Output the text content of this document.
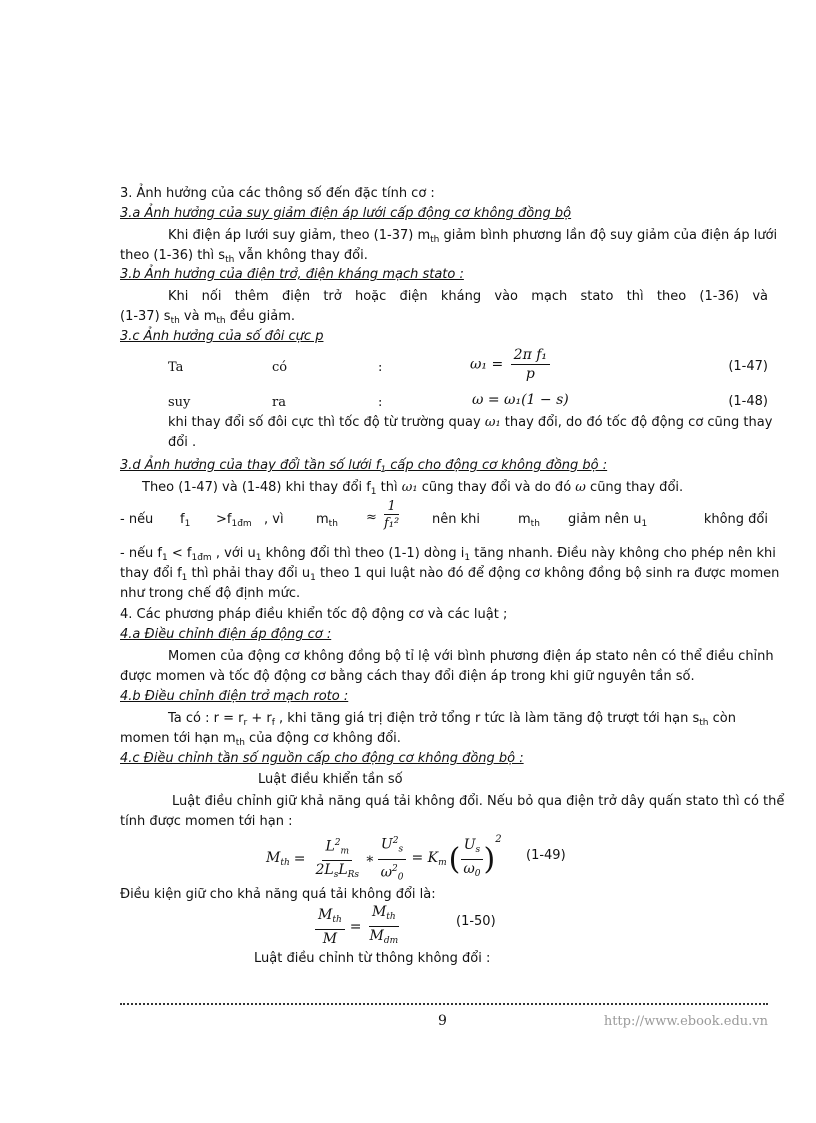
3. Ảnh hưởng của các thông số đến đặc tính cơ :
3.a Ảnh hưởng của suy giảm điện áp lưới cấp động cơ không đồng bộ
Khi điện áp lưới suy giảm, theo (1-37) $m_{th}$ giảm bình phương lần độ suy giảm của điện áp lưới
theo (1-36) thì $s_{th}$ vẫn không thay đổi.
3.b Ảnh hưởng của điện trở, điện kháng mạch stato :
Khi nối thêm điện trở hoặc điện kháng vào mạch stato thì theo (1-36) và
(1-37) $s_{th}$ và $m_{th}$ đều giảm.
3.c Ảnh hưởng của số đôi cực p
Ta	có	:	$\omega_1 = \frac{\text{2π f₁}}{p}$	(1-47)
suy	ra	:	ω = ω₁(1 − s)	(1-48)
khi thay đổi số đôi cực thì tốc độ từ trường quay ω₁ thay đổi, do đó tốc độ động cơ cũng thay
đổi .
3.d Ảnh hưởng của thay đổi tần số lưới $f_1$ cấp cho động cơ không đồng bộ :
Theo (1-47) và (1-48) khi thay đổi $f_1$ thì ω₁ cũng thay đổi và do đó ω cũng thay đổi.
- nếu $f_1 >f_{1đm}$ , vì $m_{th} \approx \frac{1}{\text{f₁²}}$ nên khi	$m_{th}$ giảm nên $u_1$	không đổi
- nếu $f_1 < f_{1đm}$ , với $u_1$ không đổi thì theo (1-1) dòng $i_1$ tăng nhanh. Điều này không cho phép nên khi
thay đổi $f_1$ thì phải thay đổi $u_1$ theo 1 qui luật nào đó để động cơ không đồng bộ sinh ra được momen
như trong chế độ định mức.
4. Các phương pháp điều khiển tốc độ động cơ và các luật ;
4.a Điều chỉnh điện áp động cơ :
Momen của động cơ không đồng bộ tỉ lệ với bình phương điện áp stato nên có thể điều chỉnh
được momen và tốc độ động cơ bằng cách thay đổi điện áp trong khi giữ nguyên tần số.
4.b Điều chỉnh điện trở mạch roto :
Ta có : $r = r_r + r_f$ , khi tăng giá trị điện trở tổng r tức là làm tăng độ trượt tới hạn $s_{th}$ còn
momen tới hạn $m_{th}$ của động cơ không đổi.
4.c Điều chỉnh tần số nguồn cấp cho động cơ không đồng bộ :
Luật điều khiển tần số
Luật điều chỉnh giữ khả năng quá tải không đổi. Nếu bỏ qua điện trở dây quấn stato thì có thể
tính được momen tới hạn :
$M_{th} = \frac{L^2_m}{2L_sL_{Rs}}$ ∗ $\frac{U^2_s}{\omega^2_0} = K_m$ ( $\frac{U_s}{\omega_0}$ )
$^2$
(1-49)
Điều kiện giữ cho khả năng quá tải không đổi là:
$\frac{M_{th}}{M} = \frac{M_{th}}{M_{dm}}$	(1-50)
Luật điều chỉnh từ thông không đổi :
9	http://www.ebook.edu.vn
